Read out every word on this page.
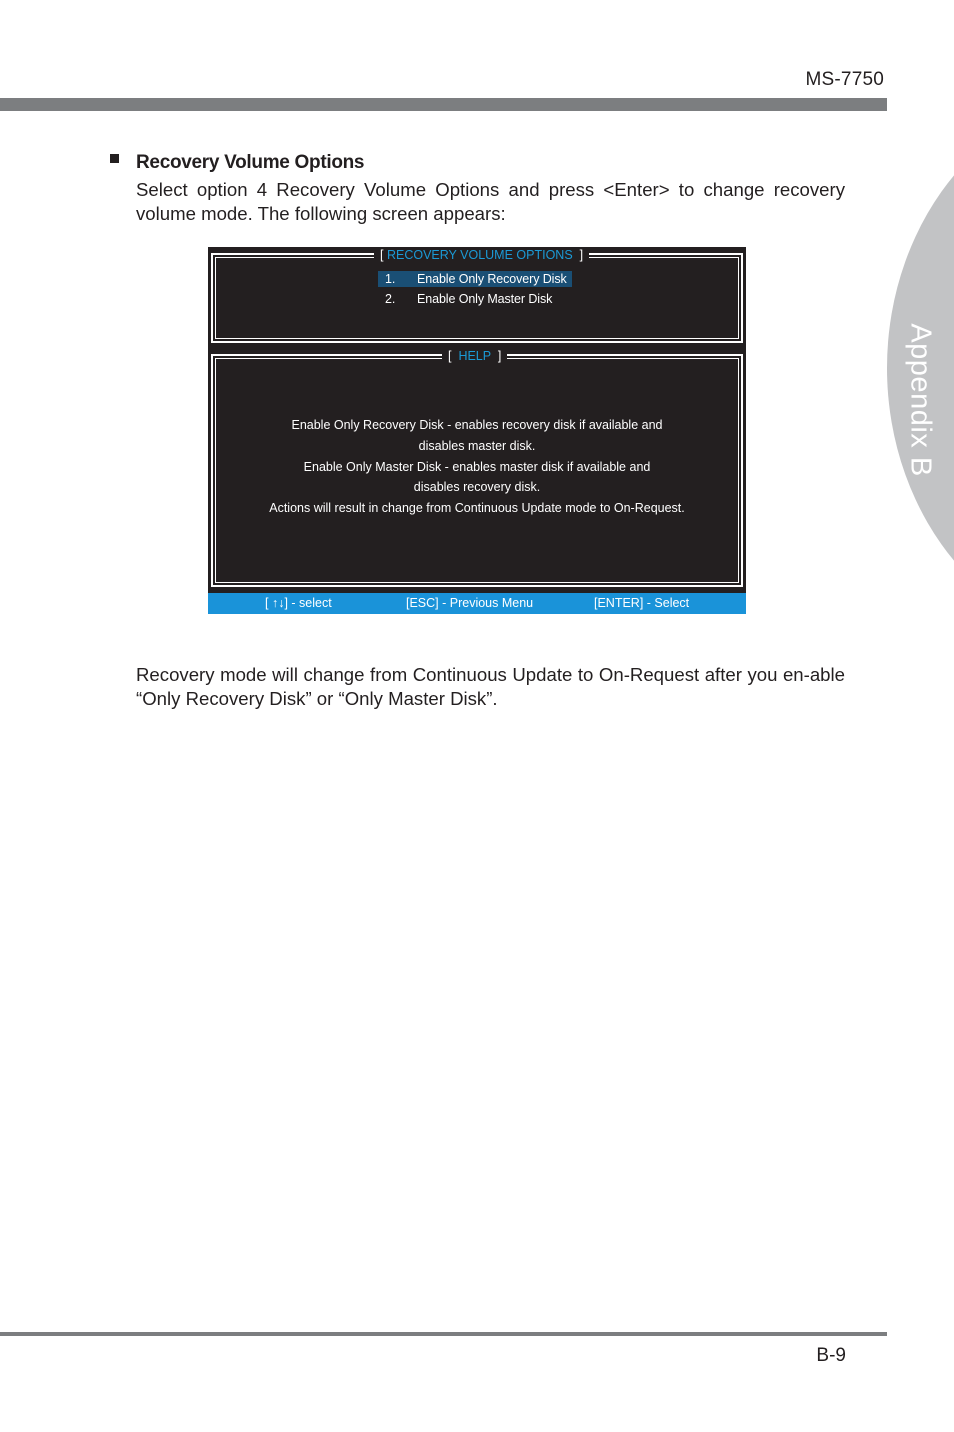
MS-7750
Appendix B
Recovery Volume Options
Select option 4 Recovery Volume Options and press <Enter> to change recovery volume mode. The following screen appears:
[ RECOVERY VOLUME OPTIONS ]
1. Enable Only Recovery Disk
2. Enable Only Master Disk
[ HELP ]
Enable Only Recovery Disk - enables recovery disk if available and
disables master disk.
Enable Only Master Disk - enables master disk if available and
disables recovery disk.
Actions will result in change from Continuous Update mode to On-Request.
[ ↑↓] - select	[ESC] - Previous Menu	[ENTER] - Select
Recovery mode will change from Continuous Update to On-Request after you en-able “Only Recovery Disk” or “Only Master Disk”.
B-9
